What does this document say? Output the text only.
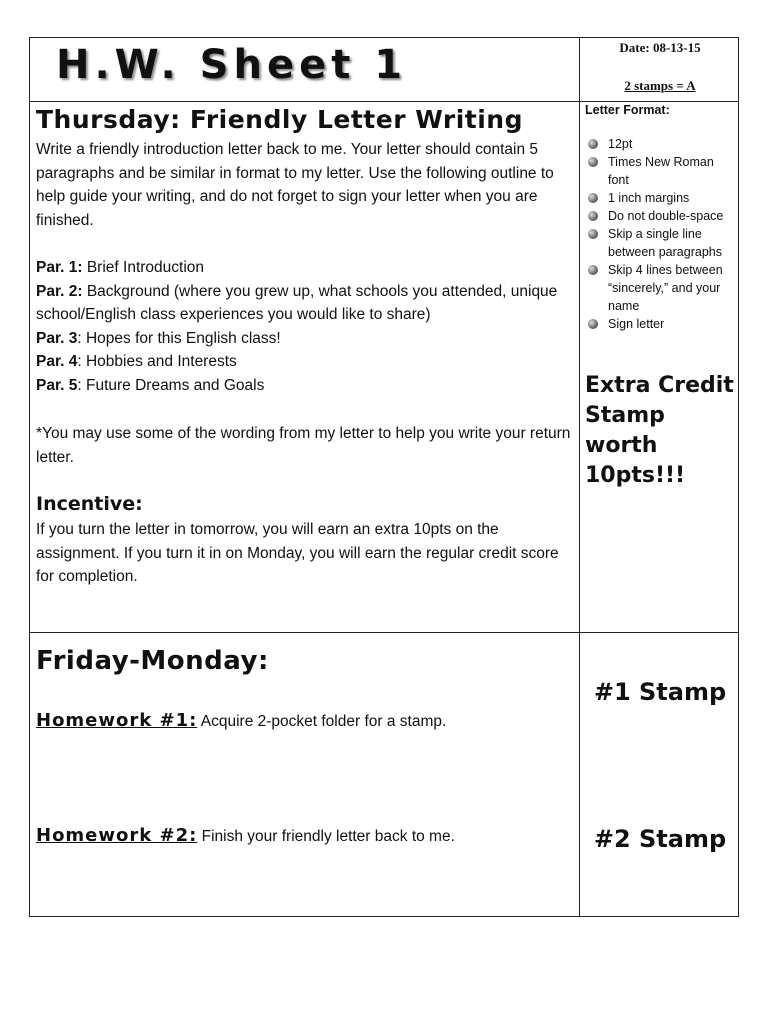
H.W. Sheet 1	Date: 08-13-15
2 stamps = A
Thursday: Friendly Letter Writing
Write a friendly introduction letter back to me. Your letter should contain 5 paragraphs and be similar in format to my letter. Use the following outline to help guide your writing, and do not forget to sign your letter when you are finished.
Par. 1: Brief Introduction
Par. 2: Background (where you grew up, what schools you attended, unique school/English class experiences you would like to share)
Par. 3: Hopes for this English class!
Par. 4: Hobbies and Interests
Par. 5: Future Dreams and Goals
*You may use some of the wording from my letter to help you write your return letter.
Incentive:
If you turn the letter in tomorrow, you will earn an extra 10pts on the assignment. If you turn it in on Monday, you will earn the regular credit score for completion.
Letter Format:
12pt
Times New Roman font
1 inch margins
Do not double-space
Skip a single line between paragraphs
Skip 4 lines between “sincerely,” and your name
Sign letter
Extra Credit Stamp worth 10pts!!!
Friday-Monday:
Homework #1: Acquire 2-pocket folder for a stamp.
Homework #2: Finish your friendly letter back to me.
#1 Stamp
#2 Stamp
